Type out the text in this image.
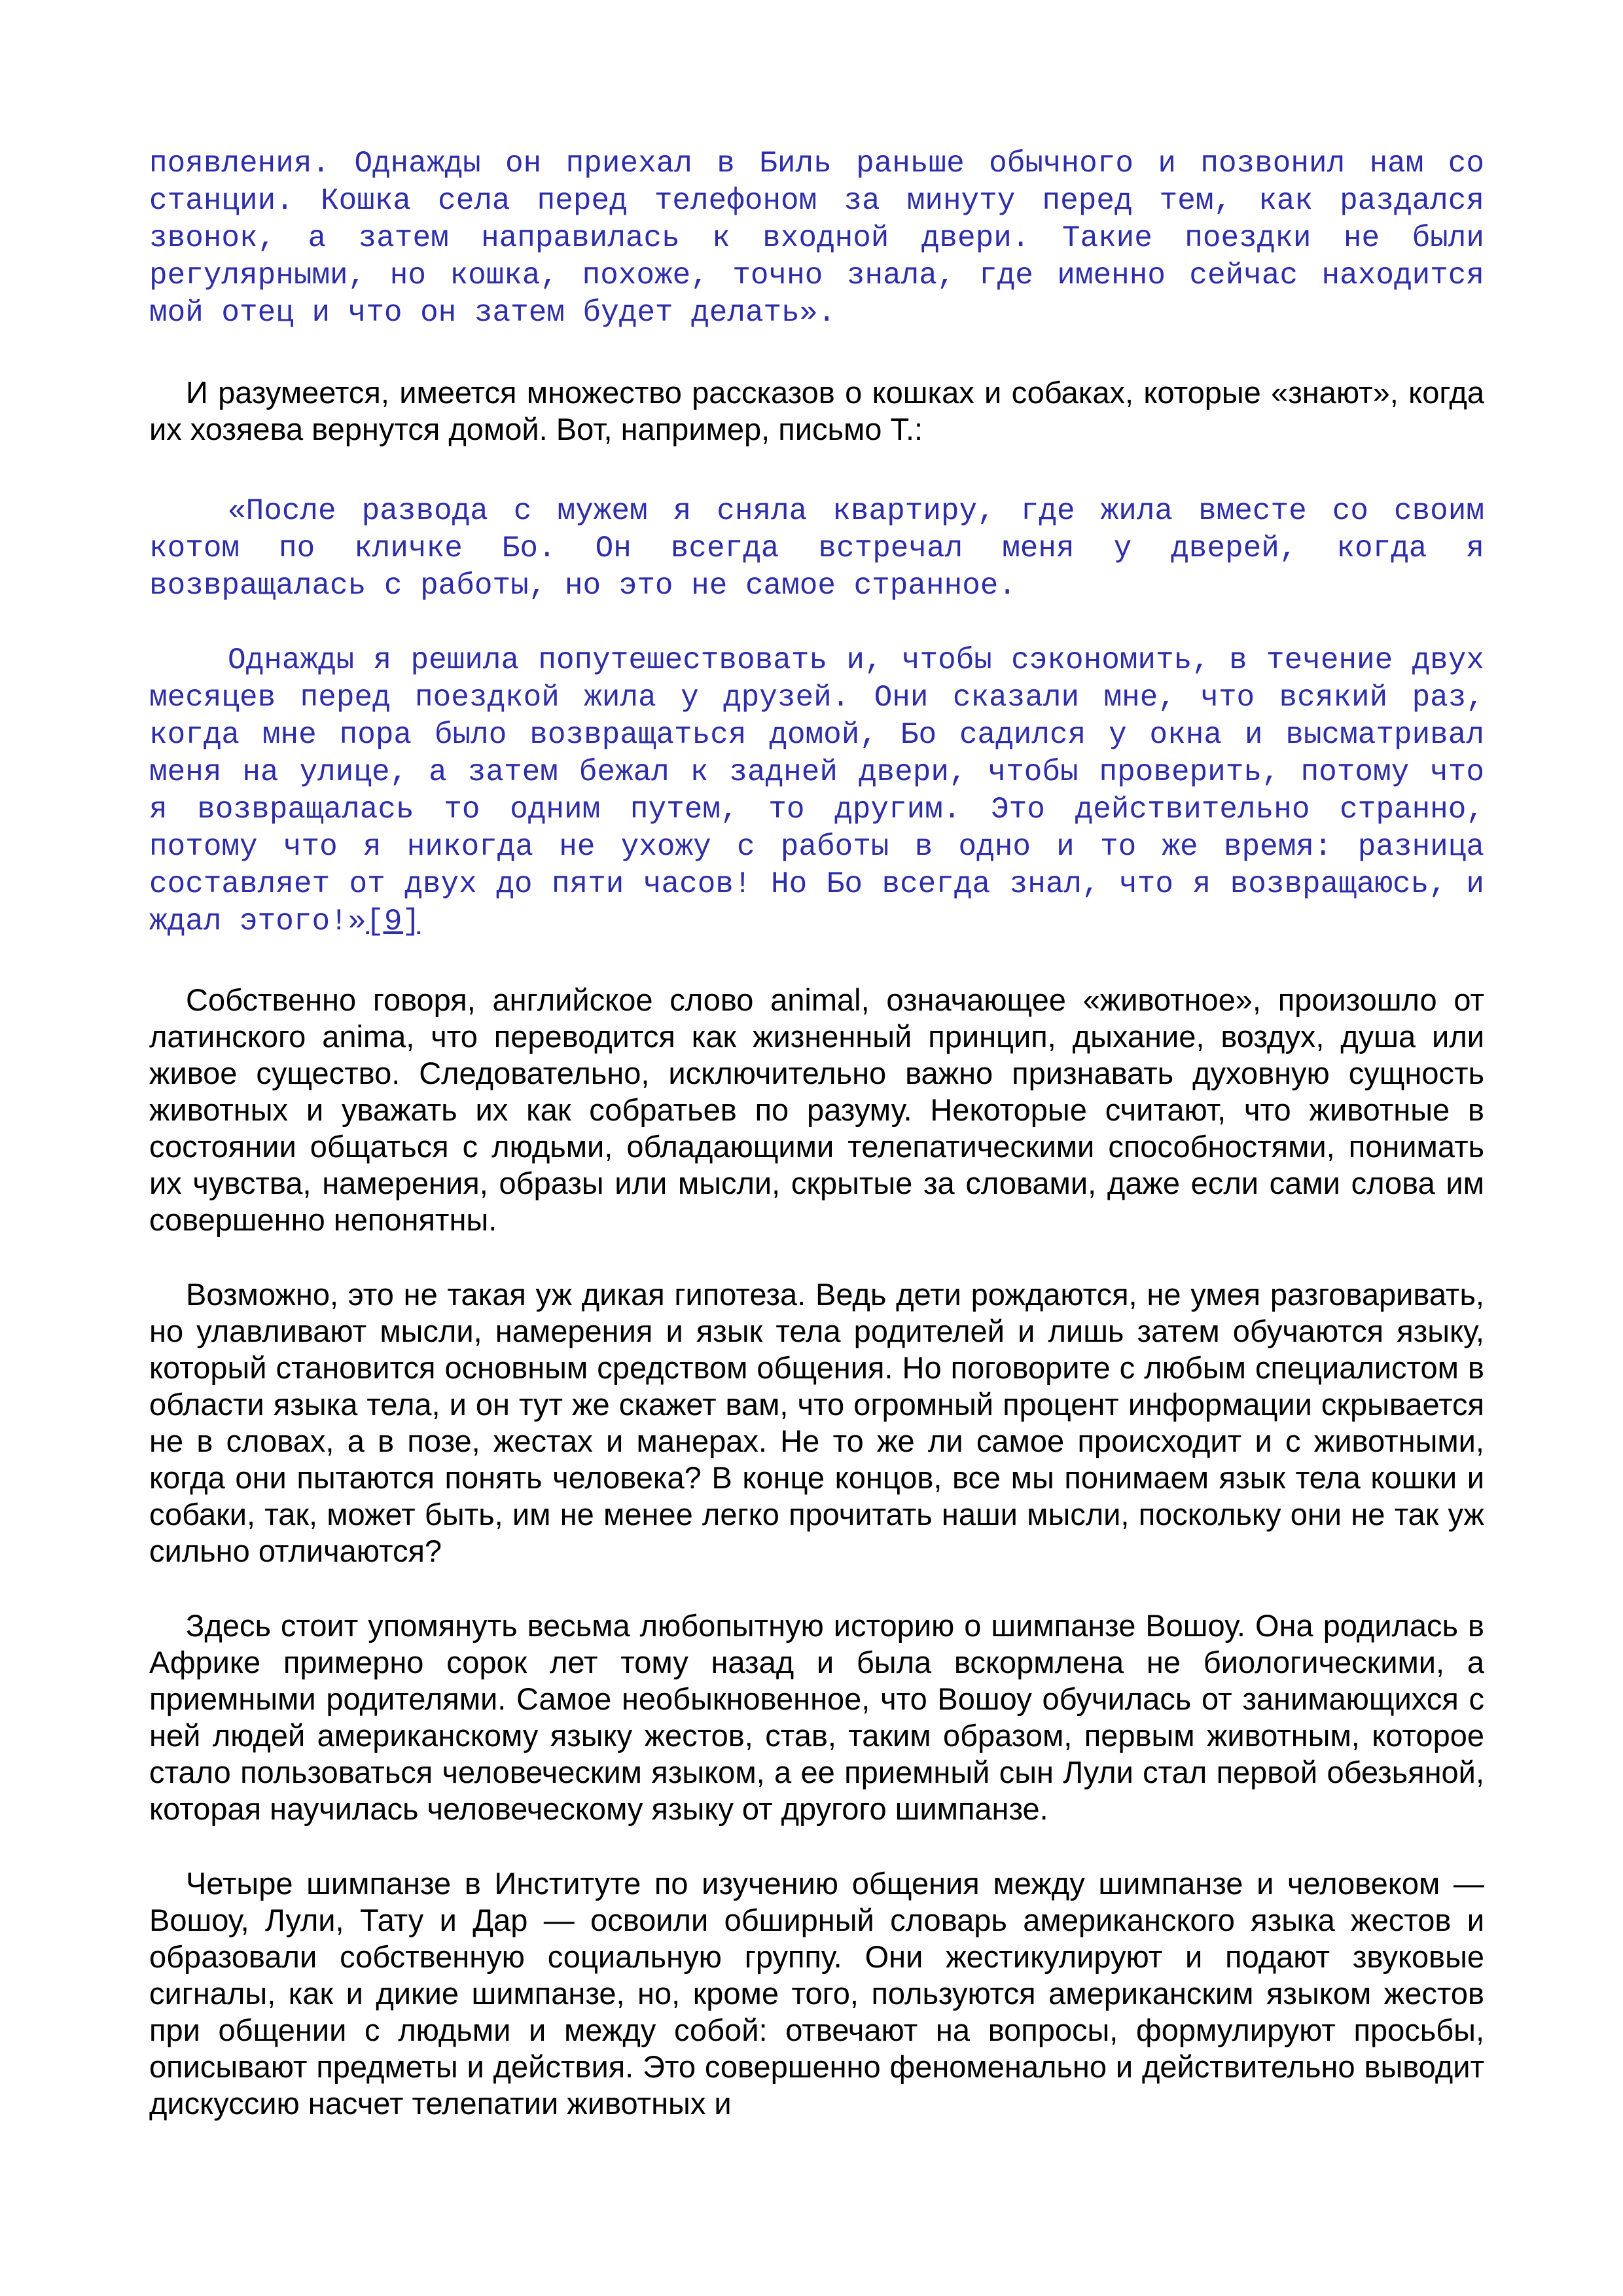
появления. Однажды он приехал в Биль раньше обычного и позвонил нам со станции. Кошка села перед телефоном за минуту перед тем, как раздался звонок, а затем направилась к входной двери. Такие поездки не были регулярными, но кошка, похоже, точно знала, где именно сейчас находится мой отец и что он затем будет делать».

И разумеется, имеется множество рассказов о кошках и собаках, которые «знают», когда их хозяева вернутся домой. Вот, например, письмо Т.:

«После развода с мужем я сняла квартиру, где жила вместе со своим котом по кличке Бо. Он всегда встречал меня у дверей, когда я возвращалась с работы, но это не самое странное.

Однажды я решила попутешествовать и, чтобы сэкономить, в течение двух месяцев перед поездкой жила у друзей. Они сказали мне, что всякий раз, когда мне пора было возвращаться домой, Бо садился у окна и высматривал меня на улице, а затем бежал к задней двери, чтобы проверить, потому что я возвращалась то одним путем, то другим. Это действительно странно, потому что я никогда не ухожу с работы в одно и то же время: разница составляет от двух до пяти часов! Но Бо всегда знал, что я возвращаюсь, и ждал этого!»[9]

Собственно говоря, английское слово animal, означающее «животное», произошло от латинского anima, что переводится как жизненный принцип, дыхание, воздух, душа или живое существо. Следовательно, исключительно важно признавать духовную сущность животных и уважать их как собратьев по разуму. Некоторые считают, что животные в состоянии общаться с людьми, обладающими телепатическими способностями, понимать их чувства, намерения, образы или мысли, скрытые за словами, даже если сами слова им совершенно непонятны.

Возможно, это не такая уж дикая гипотеза. Ведь дети рождаются, не умея разговаривать, но улавливают мысли, намерения и язык тела родителей и лишь затем обучаются языку, который становится основным средством общения. Но поговорите с любым специалистом в области языка тела, и он тут же скажет вам, что огромный процент информации скрывается не в словах, а в позе, жестах и манерах. Не то же ли самое происходит и с животными, когда они пытаются понять человека? В конце концов, все мы понимаем язык тела кошки и собаки, так, может быть, им не менее легко прочитать наши мысли, поскольку они не так уж сильно отличаются?

Здесь стоит упомянуть весьма любопытную историю о шимпанзе Вошоу. Она родилась в Африке примерно сорок лет тому назад и была вскормлена не биологическими, а приемными родителями. Самое необыкновенное, что Вошоу обучилась от занимающихся с ней людей американскому языку жестов, став, таким образом, первым животным, которое стало пользоваться человеческим языком, а ее приемный сын Лули стал первой обезьяной, которая научилась человеческому языку от другого шимпанзе.

Четыре шимпанзе в Институте по изучению общения между шимпанзе и человеком — Вошоу, Лули, Тату и Дар — освоили обширный словарь американского языка жестов и образовали собственную социальную группу. Они жестикулируют и подают звуковые сигналы, как и дикие шимпанзе, но, кроме того, пользуются американским языком жестов при общении с людьми и между собой: отвечают на вопросы, формулируют просьбы, описывают предметы и действия. Это совершенно феноменально и действительно выводит дискуссию насчет телепатии животных и
